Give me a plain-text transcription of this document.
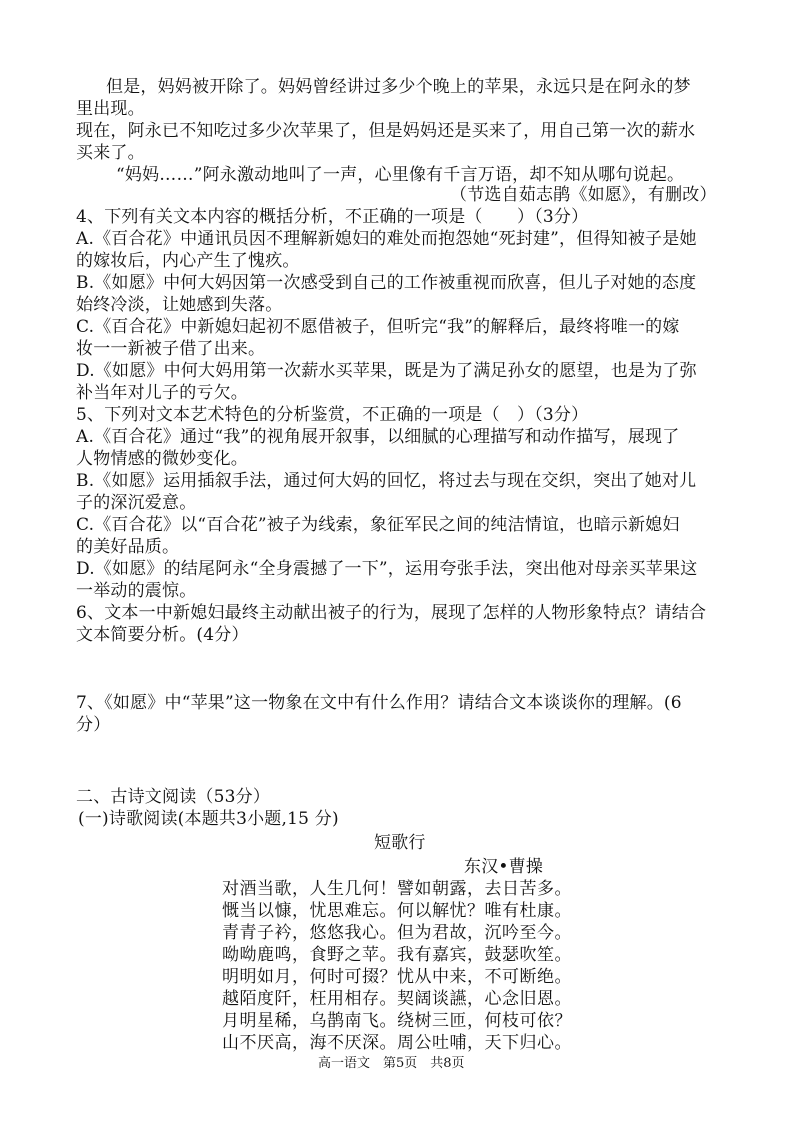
但是，妈妈被开除了。妈妈曾经讲过多少个晚上的苹果，永远只是在阿永的梦
里出现。
现在，阿永已不知吃过多少次苹果了，但是妈妈还是买来了，用自己第一次的薪水
买来了。
“妈妈……”阿永激动地叫了一声，心里像有千言万语，却不知从哪句说起。
（节选自茹志鹃《如愿》，有删改）
4、下列有关文本内容的概括分析，不正确的一项是（　　）（3分）
A.《百合花》中通讯员因不理解新媳妇的难处而抱怨她“死封建”，但得知被子是她
的嫁妆后，内心产生了愧疚。
B.《如愿》中何大妈因第一次感受到自己的工作被重视而欣喜，但儿子对她的态度
始终冷淡，让她感到失落。
C.《百合花》中新媳妇起初不愿借被子，但听完“我”的解释后，最终将唯一的嫁
妆一一新被子借了出来。
D.《如愿》中何大妈用第一次薪水买苹果，既是为了满足孙女的愿望，也是为了弥
补当年对儿子的亏欠。
5、下列对文本艺术特色的分析鉴赏，不正确的一项是（　）（3分）
A.《百合花》通过“我”的视角展开叙事，以细腻的心理描写和动作描写，展现了
人物情感的微妙变化。
B.《如愿》运用插叙手法，通过何大妈的回忆，将过去与现在交织，突出了她对儿
子的深沉爱意。
C.《百合花》以“百合花”被子为线索，象征军民之间的纯洁情谊，也暗示新媳妇
的美好品质。
D.《如愿》的结尾阿永“全身震撼了一下”，运用夸张手法，突出他对母亲买苹果这
一举动的震惊。
6、文本一中新媳妇最终主动献出被子的行为，展现了怎样的人物形象特点？请结合
文本简要分析。(4分）
7、《如愿》中“苹果”这一物象在文中有什么作用？请结合文本谈谈你的理解。(6
分）
二、古诗文阅读（53分）
(一)诗歌阅读(本题共3小题,15 分)
短歌行
东汉•曹操
对酒当歌，人生几何！譬如朝露，去日苦多。
慨当以慷，忧思难忘。何以解忧？唯有杜康。
青青子衿，悠悠我心。但为君故，沉吟至今。
呦呦鹿鸣，食野之苹。我有嘉宾，鼓瑟吹笙。
明明如月，何时可掇？忧从中来，不可断绝。
越陌度阡，枉用相存。契阔谈讌，心念旧恩。
月明星稀，乌鹊南飞。绕树三匝，何枝可依？
山不厌高，海不厌深。周公吐哺，天下归心。
高一语文　第5页　共8页
